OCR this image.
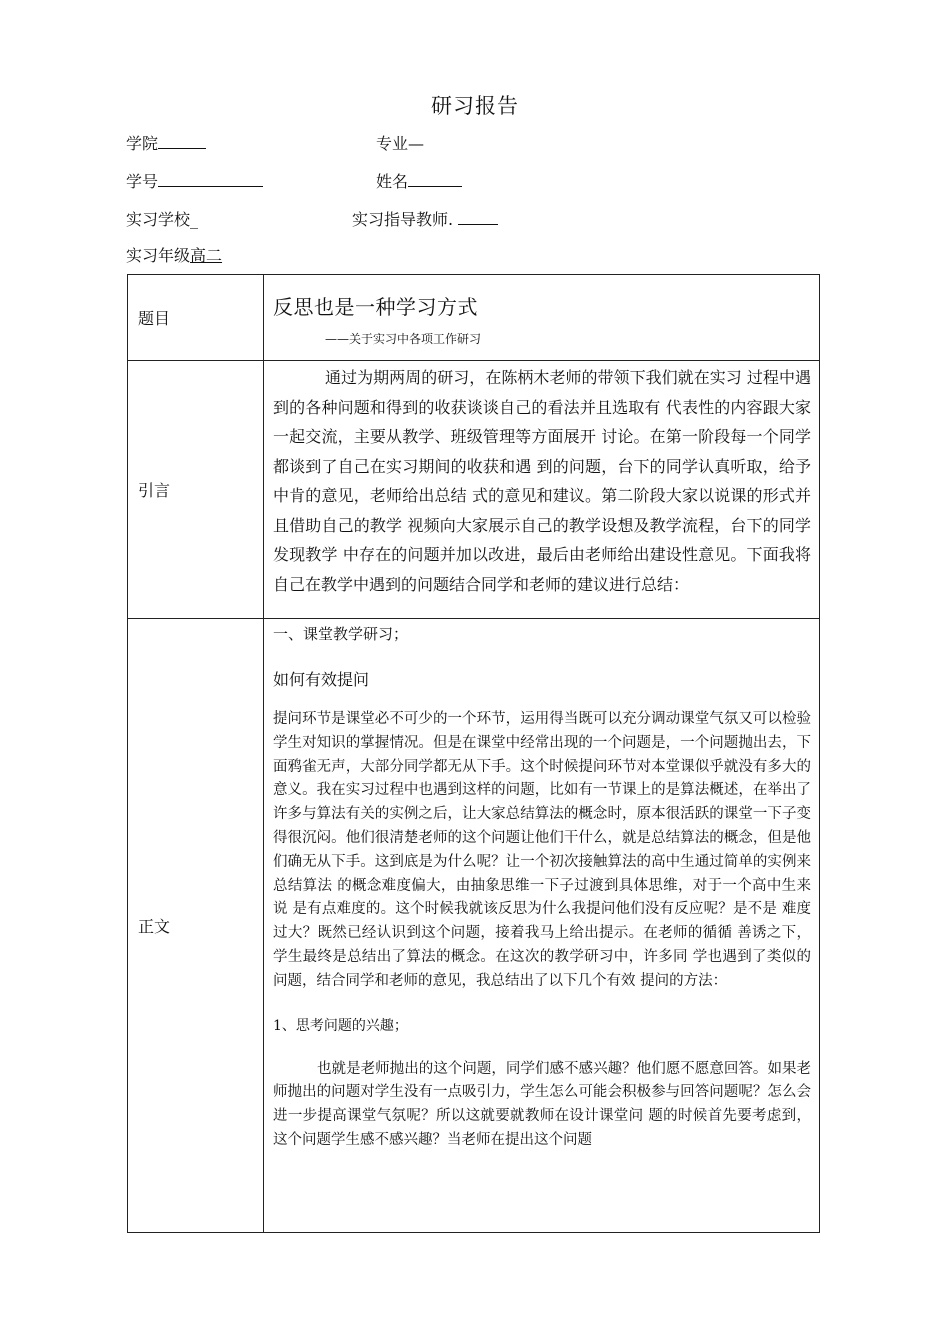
研习报告
学院	专业—
学号	姓名
实习学校_	实习指导教师.
实习年级高二
题目	反思也是一种学习方式
——关于实习中各项工作研习

引言	通过为期两周的研习，在陈柄木老师的带领下我们就在实习 过程中遇到的各种问题和得到的收获谈谈自己的看法并且选取有 代表性的内容跟大家一起交流，主要从教学、班级管理等方面展开 讨论。在第一阶段每一个同学都谈到了自己在实习期间的收获和遇 到的问题，台下的同学认真听取，给予中肯的意见，老师给出总结 式的意见和建议。第二阶段大家以说课的形式并且借助自己的教学 视频向大家展示自己的教学设想及教学流程，台下的同学发现教学 中存在的问题并加以改进，最后由老师给出建设性意见。下面我将 自己在教学中遇到的问题结合同学和老师的建议进行总结：

正文	一、课堂教学研习；
如何有效提问
提问环节是课堂必不可少的一个环节，运用得当既可以充分调动课堂气氛又可以检验学生对知识的掌握情况。但是在课堂中经常出现的一个问题是，一个问题抛出去，下面鸦雀无声，大部分同学都无从下手。这个时候提问环节对本堂课似乎就没有多大的意义。我在实习过程中也遇到这样的问题，比如有一节课上的是算法概述，在举出了许多与算法有关的实例之后，让大家总结算法的概念时，原本很活跃的课堂一下子变得很沉闷。他们很清楚老师的这个问题让他们干什么，就是总结算法的概念，但是他们确无从下手。这到底是为什么呢？让一个初次接触算法的高中生通过简单的实例来总结算法 的概念难度偏大，由抽象思维一下子过渡到具体思维，对于一个高中生来说 是有点难度的。这个时候我就该反思为什么我提问他们没有反应呢？是不是 难度过大？既然已经认识到这个问题，接着我马上给出提示。在老师的循循 善诱之下，学生最终是总结出了算法的概念。在这次的教学研习中，许多同 学也遇到了类似的问题，结合同学和老师的意见，我总结出了以下几个有效 提问的方法：
1、思考问题的兴趣；
也就是老师抛出的这个问题，同学们感不感兴趣？他们愿不愿意回答。如果老师抛出的问题对学生没有一点吸引力，学生怎么可能会积极参与回答问题呢？怎么会进一步提高课堂气氛呢？所以这就要就教师在设计课堂问 题的时候首先要考虑到，这个问题学生感不感兴趣？当老师在提出这个问题
